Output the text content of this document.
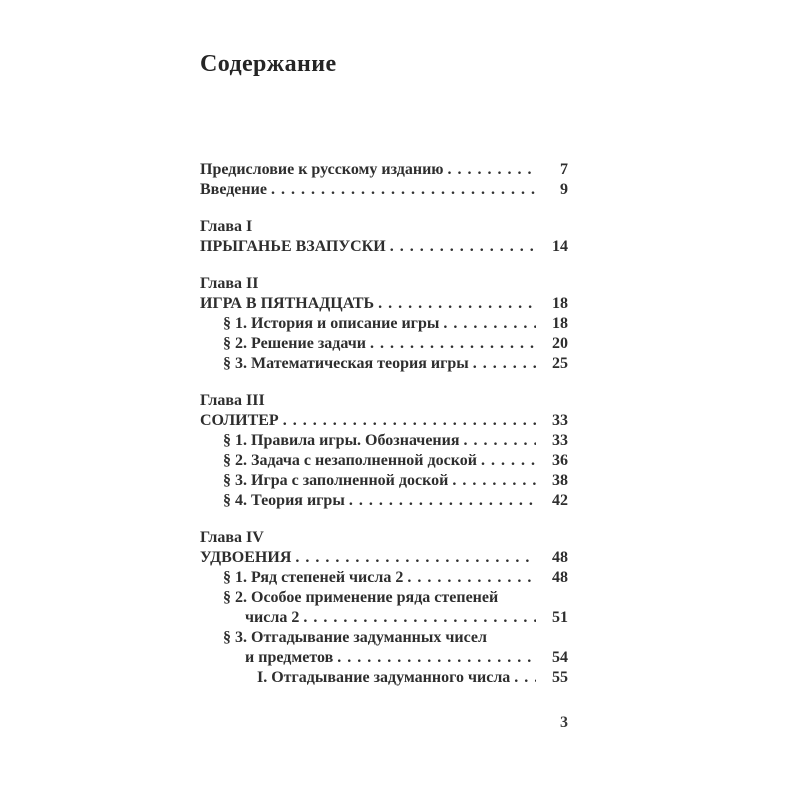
Содержание
Предисловие к русскому изданию . . .	7
Введение . . .	9
Глава I
ПРЫГАНЬЕ ВЗАПУСКИ . . .	14
Глава II
ИГРА В ПЯТНАДЦАТЬ . . .	18
§ 1. История и описание игры . . .	18
§ 2. Решение задачи . . .	20
§ 3. Математическая теория игры . . .	25
Глава III
СОЛИТЕР . . .	33
§ 1. Правила игры. Обозначения . . .	33
§ 2. Задача с незаполненной доской . . .	36
§ 3. Игра с заполненной доской . . .	38
§ 4. Теория игры . . .	42
Глава IV
УДВОЕНИЯ . . .	48
§ 1. Ряд степеней числа 2 . . .	48
§ 2. Особое применение ряда степеней
числа 2 . . .	51
§ 3. Отгадывание задуманных чисел
и предметов . . .	54
I. Отгадывание задуманного числа . . .	55
3
